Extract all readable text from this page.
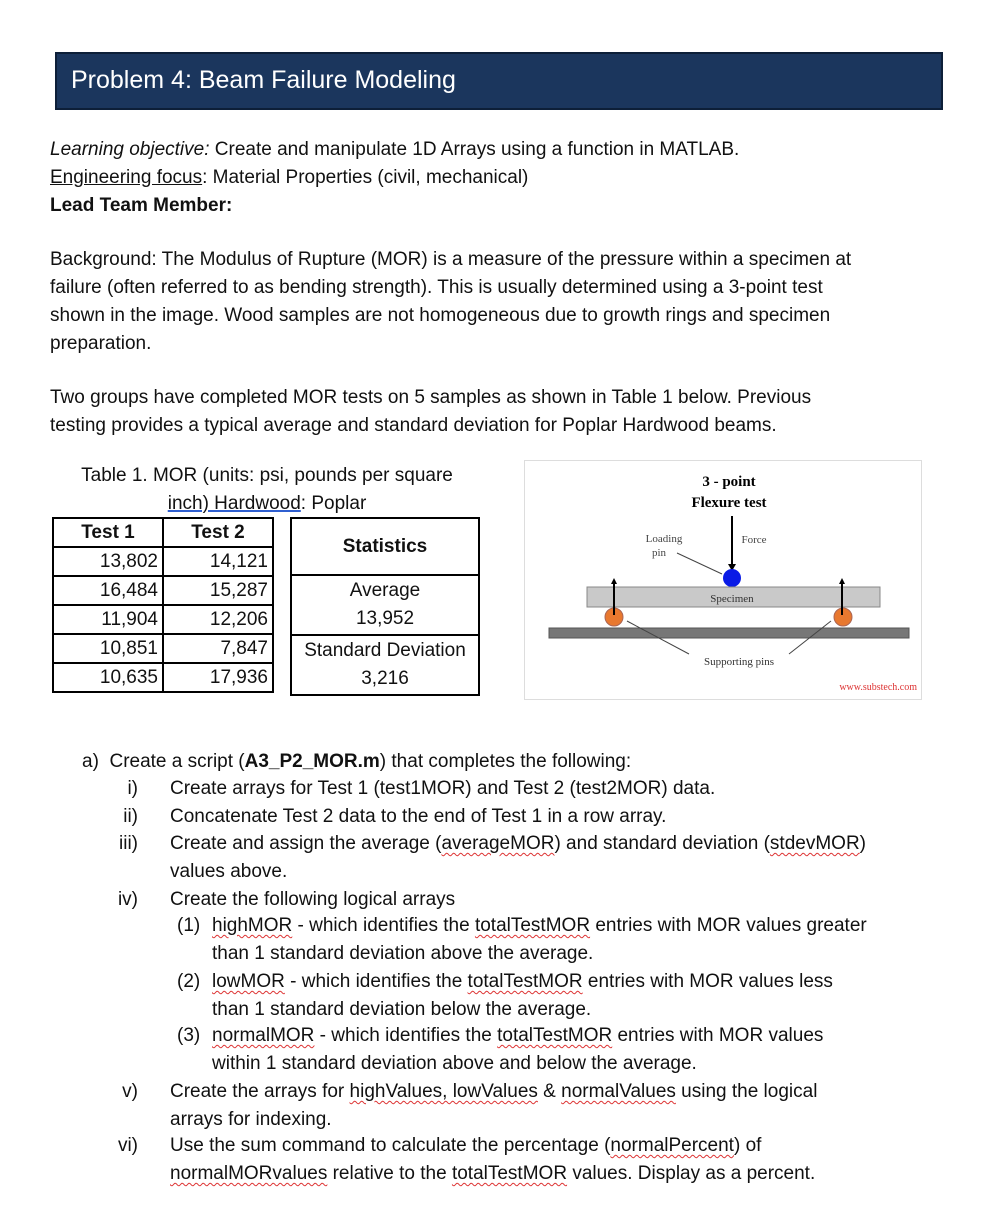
Problem 4: Beam Failure Modeling
Learning objective: Create and manipulate 1D Arrays using a function in MATLAB.
Engineering focus: Material Properties (civil, mechanical)
Lead Team Member:
Background: The Modulus of Rupture (MOR) is a measure of the pressure within a specimen at
failure (often referred to as bending strength). This is usually determined using a 3-point test
shown in the image. Wood samples are not homogeneous due to growth rings and specimen
preparation.
Two groups have completed MOR tests on 5 samples as shown in Table 1 below. Previous
testing provides a typical average and standard deviation for Poplar Hardwood beams.
Table 1. MOR (units: psi, pounds per square
inch) Hardwood: Poplar
Test 1	Test 2
13,802	14,121
16,484	15,287
11,904	12,206
10,851	7,847
10,635	17,936
Statistics

Average
13,952

Standard Deviation
3,216
3 - point
Flexure test
Loading
pin
Force
Specimen
Supporting pins
www.substech.com
a) Create a script (A3_P2_MOR.m) that completes the following:
i) Create arrays for Test 1 (test1MOR) and Test 2 (test2MOR) data.
ii) Concatenate Test 2 data to the end of Test 1 in a row array.
iii) Create and assign the average (averageMOR) and standard deviation (stdevMOR)
values above.
iv) Create the following logical arrays
(1) highMOR - which identifies the totalTestMOR entries with MOR values greater
than 1 standard deviation above the average.
(2) lowMOR - which identifies the totalTestMOR entries with MOR values less
than 1 standard deviation below the average.
(3) normalMOR - which identifies the totalTestMOR entries with MOR values
within 1 standard deviation above and below the average.
v) Create the arrays for highValues, lowValues & normalValues using the logical
arrays for indexing.
vi) Use the sum command to calculate the percentage (normalPercent) of
normalMORvalues relative to the totalTestMOR values. Display as a percent.
